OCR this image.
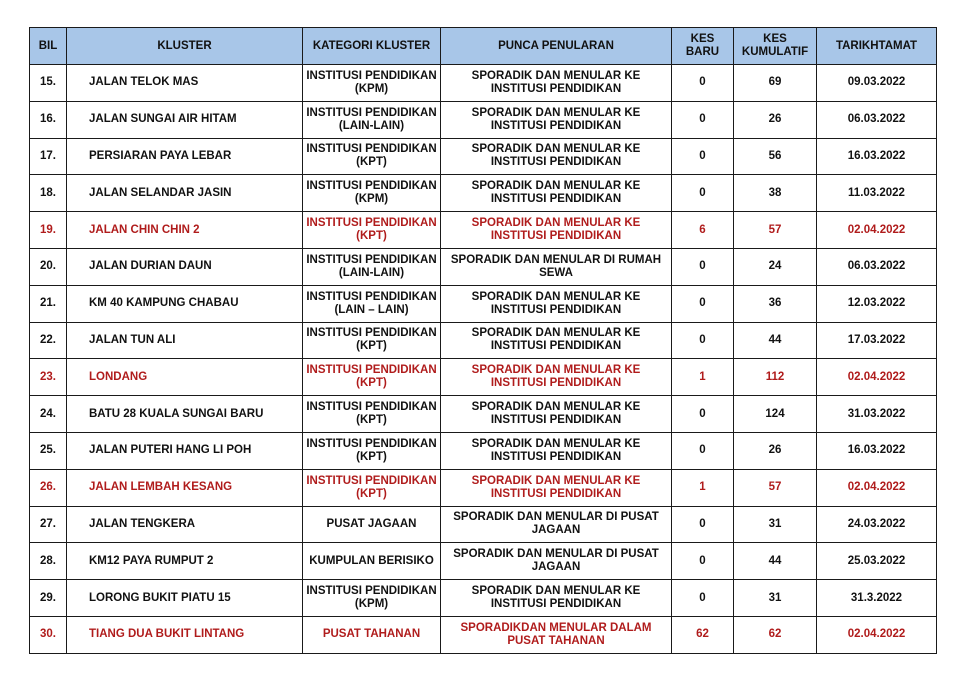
BIL	KLUSTER	KATEGORI KLUSTER	PUNCA PENULARAN	KES BARU	KES KUMULATIF	TARIKHTAMAT
15.	JALAN TELOK MAS	INSTITUSI PENDIDIKAN (KPM)	SPORADIK DAN MENULAR KE INSTITUSI PENDIDIKAN	0	69	09.03.2022
16.	JALAN SUNGAI AIR HITAM	INSTITUSI PENDIDIKAN (LAIN-LAIN)	SPORADIK DAN MENULAR KE INSTITUSI PENDIDIKAN	0	26	06.03.2022
17.	PERSIARAN PAYA LEBAR	INSTITUSI PENDIDIKAN (KPT)	SPORADIK DAN MENULAR KE INSTITUSI PENDIDIKAN	0	56	16.03.2022
18.	JALAN SELANDAR JASIN	INSTITUSI PENDIDIKAN (KPM)	SPORADIK DAN MENULAR KE INSTITUSI PENDIDIKAN	0	38	11.03.2022
19.	JALAN CHIN CHIN 2	INSTITUSI PENDIDIKAN (KPT)	SPORADIK DAN MENULAR KE INSTITUSI PENDIDIKAN	6	57	02.04.2022
20.	JALAN DURIAN DAUN	INSTITUSI PENDIDIKAN (LAIN-LAIN)	SPORADIK DAN MENULAR DI RUMAH SEWA	0	24	06.03.2022
21.	KM 40 KAMPUNG CHABAU	INSTITUSI PENDIDIKAN (LAIN – LAIN)	SPORADIK DAN MENULAR KE INSTITUSI PENDIDIKAN	0	36	12.03.2022
22.	JALAN TUN ALI	INSTITUSI PENDIDIKAN (KPT)	SPORADIK DAN MENULAR KE INSTITUSI PENDIDIKAN	0	44	17.03.2022
23.	LONDANG	INSTITUSI PENDIDIKAN (KPT)	SPORADIK DAN MENULAR KE INSTITUSI PENDIDIKAN	1	112	02.04.2022
24.	BATU 28 KUALA SUNGAI BARU	INSTITUSI PENDIDIKAN (KPT)	SPORADIK DAN MENULAR KE INSTITUSI PENDIDIKAN	0	124	31.03.2022
25.	JALAN PUTERI HANG LI POH	INSTITUSI PENDIDIKAN (KPT)	SPORADIK DAN MENULAR KE INSTITUSI PENDIDIKAN	0	26	16.03.2022
26.	JALAN LEMBAH KESANG	INSTITUSI PENDIDIKAN (KPT)	SPORADIK DAN MENULAR KE INSTITUSI PENDIDIKAN	1	57	02.04.2022
27.	JALAN TENGKERA	PUSAT JAGAAN	SPORADIK DAN MENULAR DI PUSAT JAGAAN	0	31	24.03.2022
28.	KM12 PAYA RUMPUT 2	KUMPULAN BERISIKO	SPORADIK DAN MENULAR DI PUSAT JAGAAN	0	44	25.03.2022
29.	LORONG BUKIT PIATU 15	INSTITUSI PENDIDIKAN (KPM)	SPORADIK DAN MENULAR KE INSTITUSI PENDIDIKAN	0	31	31.3.2022
30.	TIANG DUA BUKIT LINTANG	PUSAT TAHANAN	SPORADIKDAN MENULAR DALAM PUSAT TAHANAN	62	62	02.04.2022
